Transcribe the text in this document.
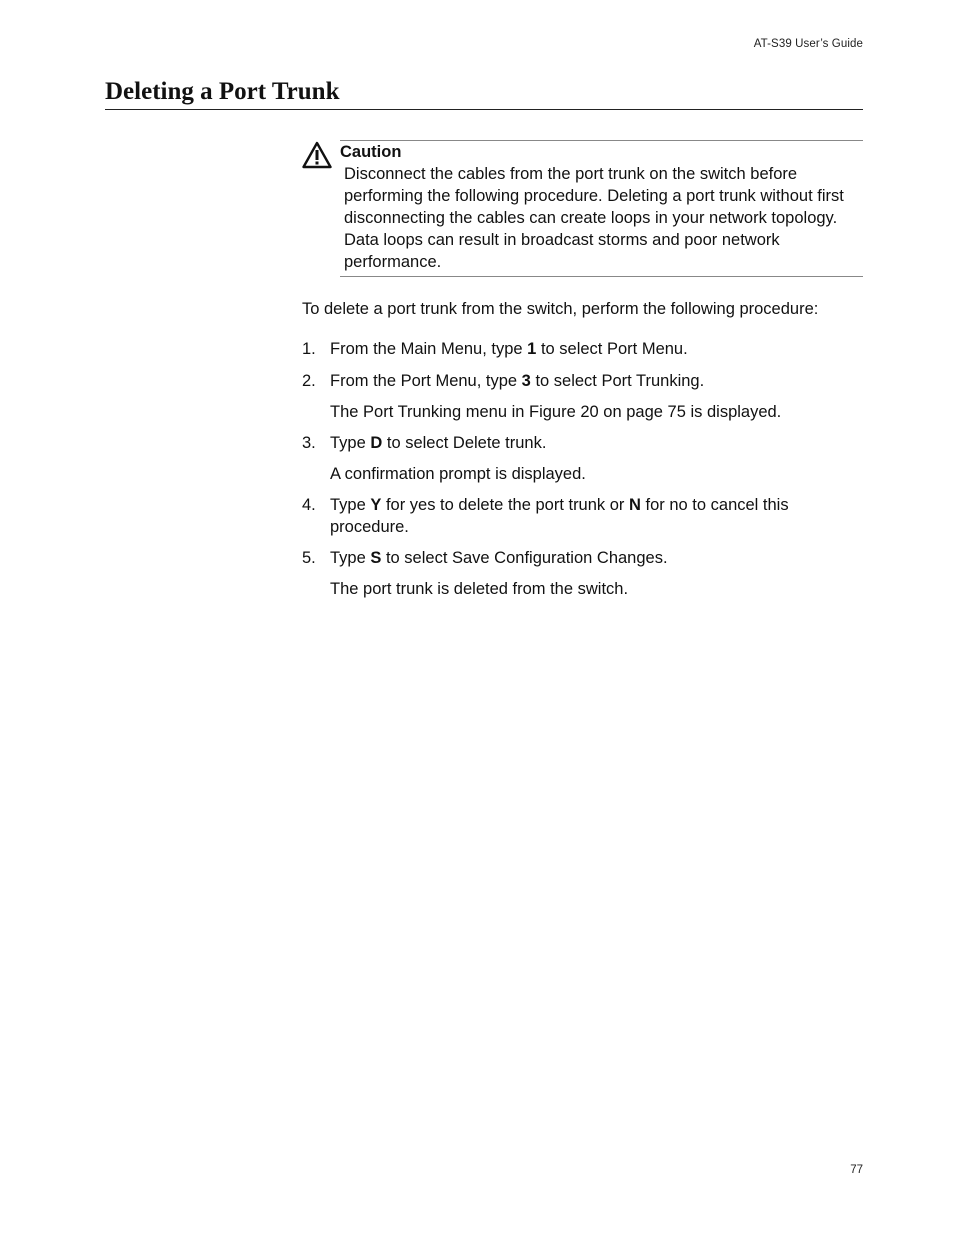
AT-S39 User’s Guide
Deleting a Port Trunk
Caution

Disconnect the cables from the port trunk on the switch before performing the following procedure. Deleting a port trunk without first disconnecting the cables can create loops in your network topology. Data loops can result in broadcast storms and poor network performance.

To delete a port trunk from the switch, perform the following procedure:

1. From the Main Menu, type 1 to select Port Menu.

2. From the Port Menu, type 3 to select Port Trunking.

The Port Trunking menu in Figure 20 on page 75 is displayed.

3. Type D to select Delete trunk.

A confirmation prompt is displayed.

4. Type Y for yes to delete the port trunk or N for no to cancel this procedure.

5. Type S to select Save Configuration Changes.

The port trunk is deleted from the switch.

77
